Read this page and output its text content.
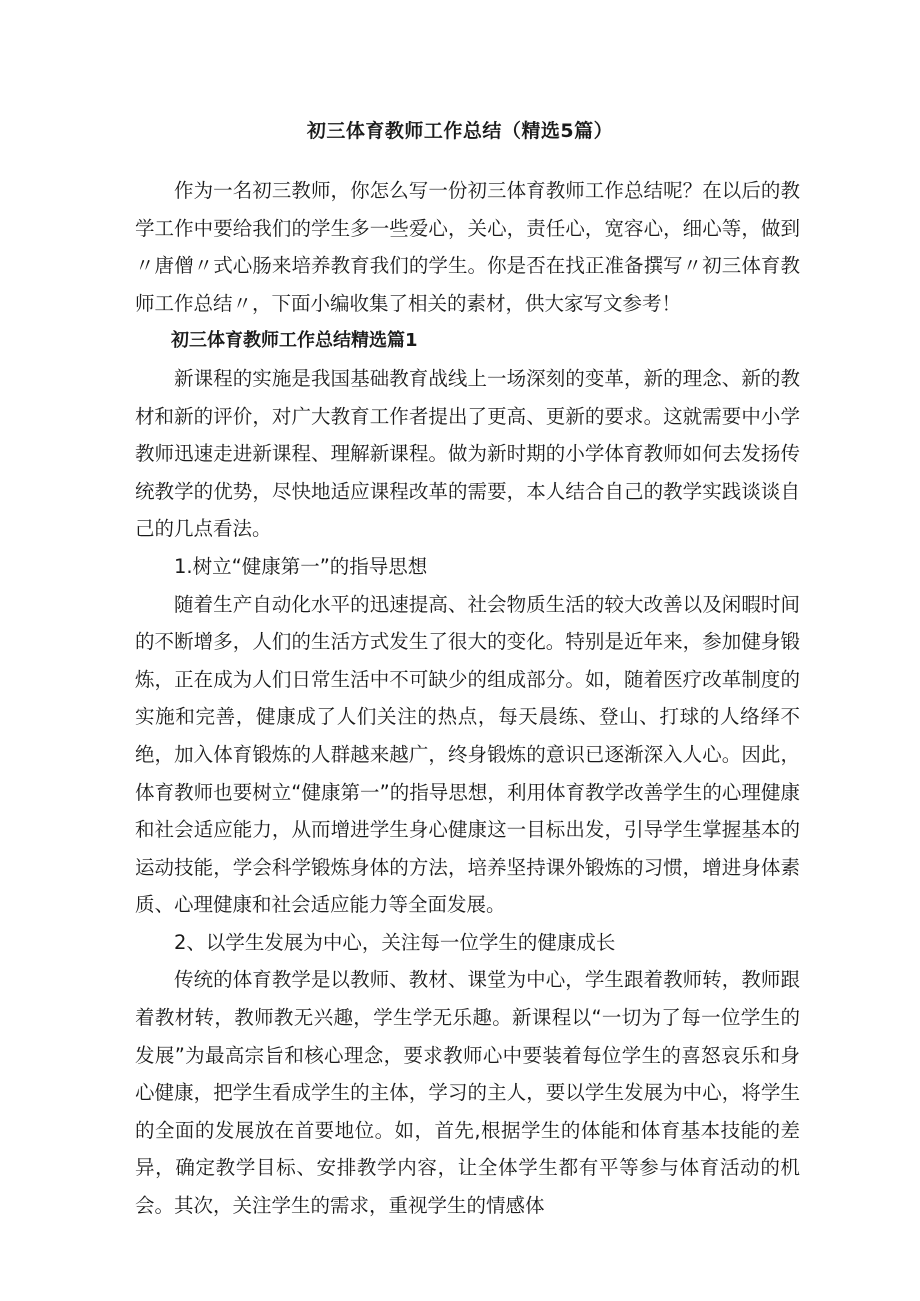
初三体育教师工作总结（精选5篇）

作为一名初三教师，你怎么写一份初三体育教师工作总结呢？在以后的教学工作中要给我们的学生多一些爱心，关心，责任心，宽容心，细心等，做到〃唐僧〃式心肠来培养教育我们的学生。你是否在找正准备撰写〃初三体育教师工作总结〃，下面小编收集了相关的素材，供大家写文参考！

初三体育教师工作总结精选篇1

新课程的实施是我国基础教育战线上一场深刻的变革，新的理念、新的教材和新的评价，对广大教育工作者提出了更高、更新的要求。这就需要中小学教师迅速走进新课程、理解新课程。做为新时期的小学体育教师如何去发扬传统教学的优势，尽快地适应课程改革的需要，本人结合自己的教学实践谈谈自己的几点看法。

1.树立“健康第一”的指导思想

随着生产自动化水平的迅速提高、社会物质生活的较大改善以及闲暇时间的不断增多，人们的生活方式发生了很大的变化。特别是近年来，参加健身锻炼，正在成为人们日常生活中不可缺少的组成部分。如，随着医疗改革制度的实施和完善，健康成了人们关注的热点，每天晨练、登山、打球的人络绎不绝，加入体育锻炼的人群越来越广，终身锻炼的意识已逐渐深入人心。因此，体育教师也要树立“健康第一”的指导思想，利用体育教学改善学生的心理健康和社会适应能力，从而增进学生身心健康这一目标出发，引导学生掌握基本的运动技能，学会科学锻炼身体的方法，培养坚持课外锻炼的习惯，增进身体素质、心理健康和社会适应能力等全面发展。

2、以学生发展为中心，关注每一位学生的健康成长

传统的体育教学是以教师、教材、课堂为中心，学生跟着教师转，教师跟着教材转，教师教无兴趣，学生学无乐趣。新课程以“一切为了每一位学生的发展”为最高宗旨和核心理念，要求教师心中要装着每位学生的喜怒哀乐和身心健康，把学生看成学生的主体，学习的主人，要以学生发展为中心，将学生的全面的发展放在首要地位。如，首先,根据学生的体能和体育基本技能的差异，确定教学目标、安排教学内容，让全体学生都有平等参与体育活动的机会。其次，关注学生的需求，重视学生的情感体
